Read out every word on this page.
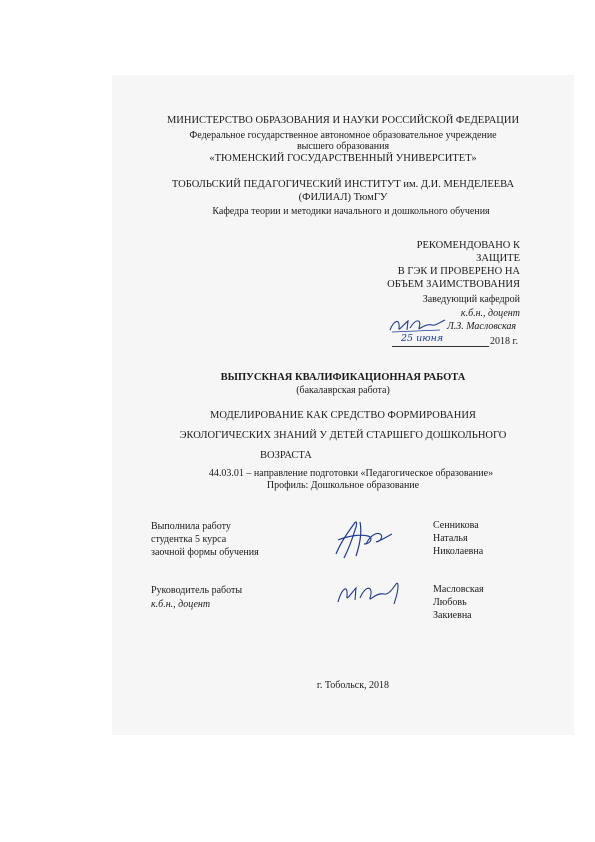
МИНИСТЕРСТВО ОБРАЗОВАНИЯ И НАУКИ РОССИЙСКОЙ ФЕДЕРАЦИИ
Федеральное государственное автономное образовательное учреждение
высшего образования
«ТЮМЕНСКИЙ ГОСУДАРСТВЕННЫЙ УНИВЕРСИТЕТ»
ТОБОЛЬСКИЙ ПЕДАГОГИЧЕСКИЙ ИНСТИТУТ им. Д.И. МЕНДЕЛЕЕВА
(ФИЛИАЛ) ТюмГУ
Кафедра теории и методики начального и дошкольного обучения
РЕКОМЕНДОВАНО К
ЗАЩИТЕ
В ГЭК И ПРОВЕРЕНО НА
ОБЪЕМ ЗАИМСТВОВАНИЯ
Заведующий кафедрой
к.б.н., доцент
Л.З. Масловская
25 июня	2018 г.
ВЫПУСКНАЯ КВАЛИФИКАЦИОННАЯ РАБОТА
(бакалаврская работа)
МОДЕЛИРОВАНИЕ КАК СРЕДСТВО ФОРМИРОВАНИЯ
ЭКОЛОГИЧЕСКИХ ЗНАНИЙ У ДЕТЕЙ СТАРШЕГО ДОШКОЛЬНОГО
ВОЗРАСТА
44.03.01 – направление подготовки «Педагогическое образование»
Профиль: Дошкольное образование
Выполнила работу
студентка 5 курса
заочной формы обучения
Сенникова
Наталья
Николаевна
Руководитель работы
к.б.н., доцент
Масловская
Любовь
Закиевна
г. Тобольск, 2018
